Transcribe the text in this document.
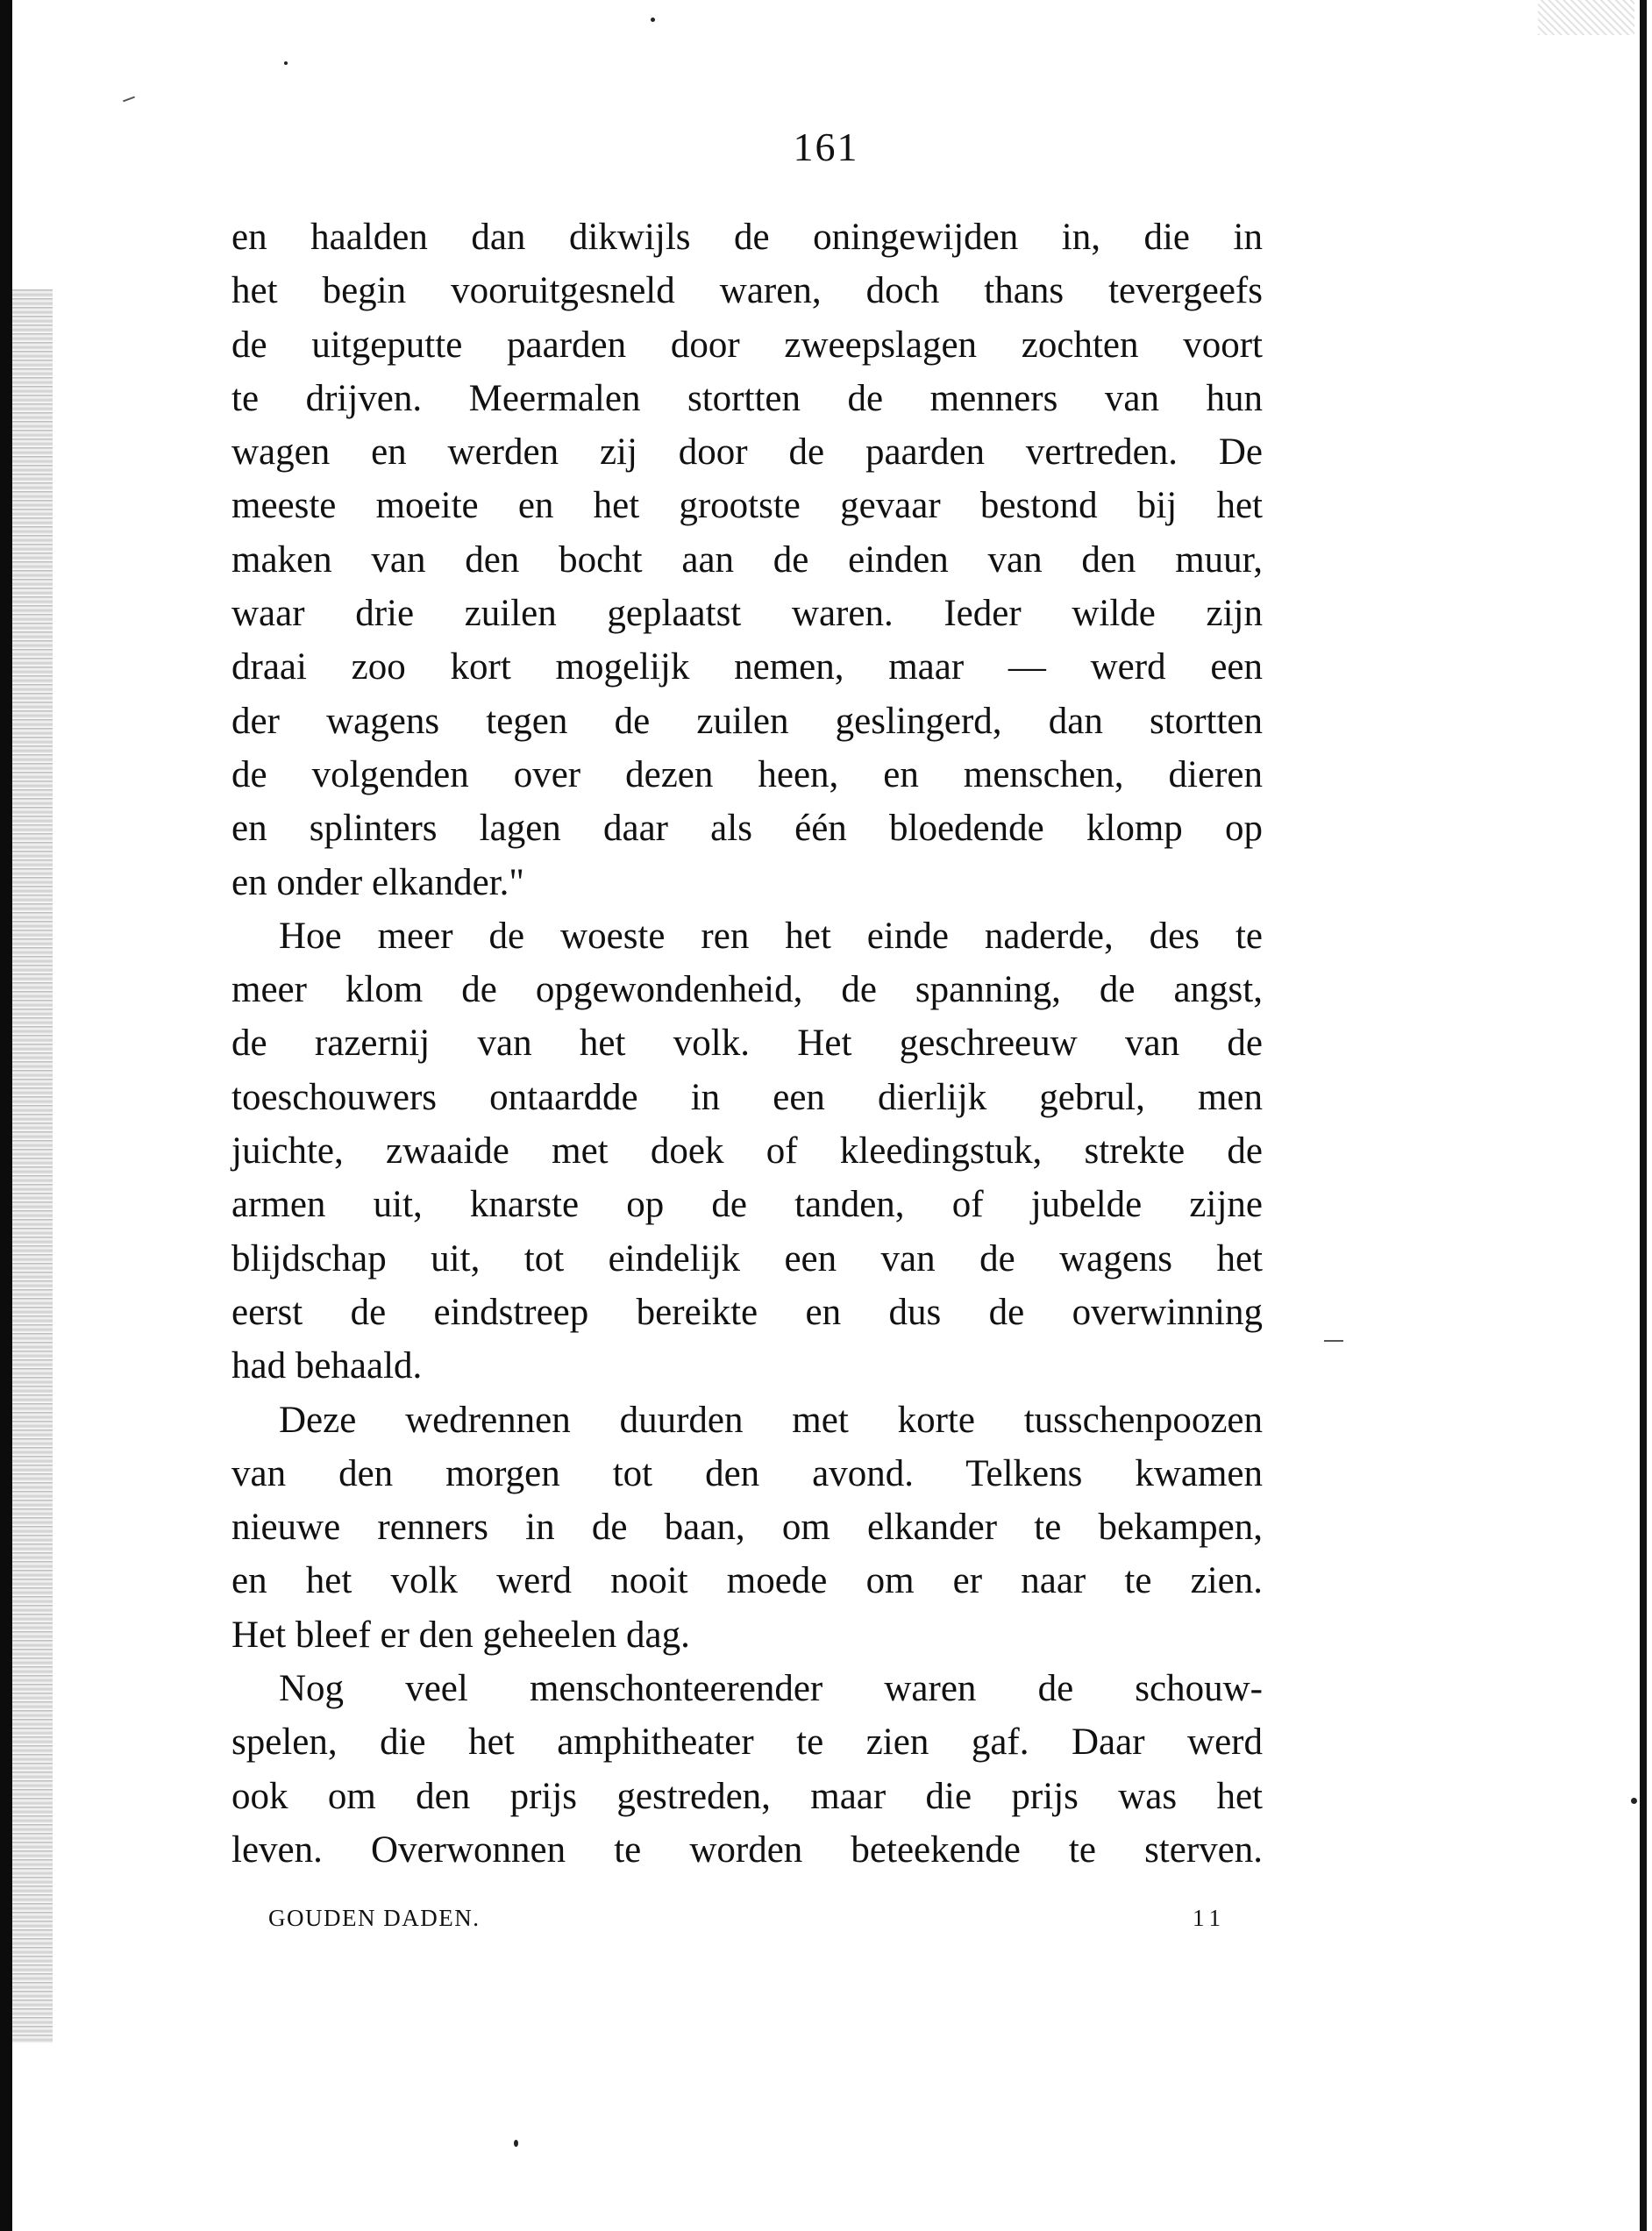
161
en haalden dan dikwijls de oningewijden in, die in
het begin vooruitgesneld waren, doch thans tevergeefs
de uitgeputte paarden door zweepslagen zochten voort
te drijven. Meermalen stortten de menners van hun
wagen en werden zij door de paarden vertreden. De
meeste moeite en het grootste gevaar bestond bij het
maken van den bocht aan de einden van den muur,
waar drie zuilen geplaatst waren. Ieder wilde zijn
draai zoo kort mogelijk nemen, maar — werd een
der wagens tegen de zuilen geslingerd, dan stortten
de volgenden over dezen heen, en menschen, dieren
en splinters lagen daar als één bloedende klomp op
en onder elkander."
Hoe meer de woeste ren het einde naderde, des te
meer klom de opgewondenheid, de spanning, de angst,
de razernij van het volk. Het geschreeuw van de
toeschouwers ontaardde in een dierlijk gebrul, men
juichte, zwaaide met doek of kleedingstuk, strekte de
armen uit, knarste op de tanden, of jubelde zijne
blijdschap uit, tot eindelijk een van de wagens het
eerst de eindstreep bereikte en dus de overwinning
had behaald.
Deze wedrennen duurden met korte tusschenpoozen
van den morgen tot den avond. Telkens kwamen
nieuwe renners in de baan, om elkander te bekampen,
en het volk werd nooit moede om er naar te zien.
Het bleef er den geheelen dag.
Nog veel menschonteerender waren de schouw-
spelen, die het amphitheater te zien gaf. Daar werd
ook om den prijs gestreden, maar die prijs was het
leven. Overwonnen te worden beteekende te sterven.
GOUDEN DADEN.	11
